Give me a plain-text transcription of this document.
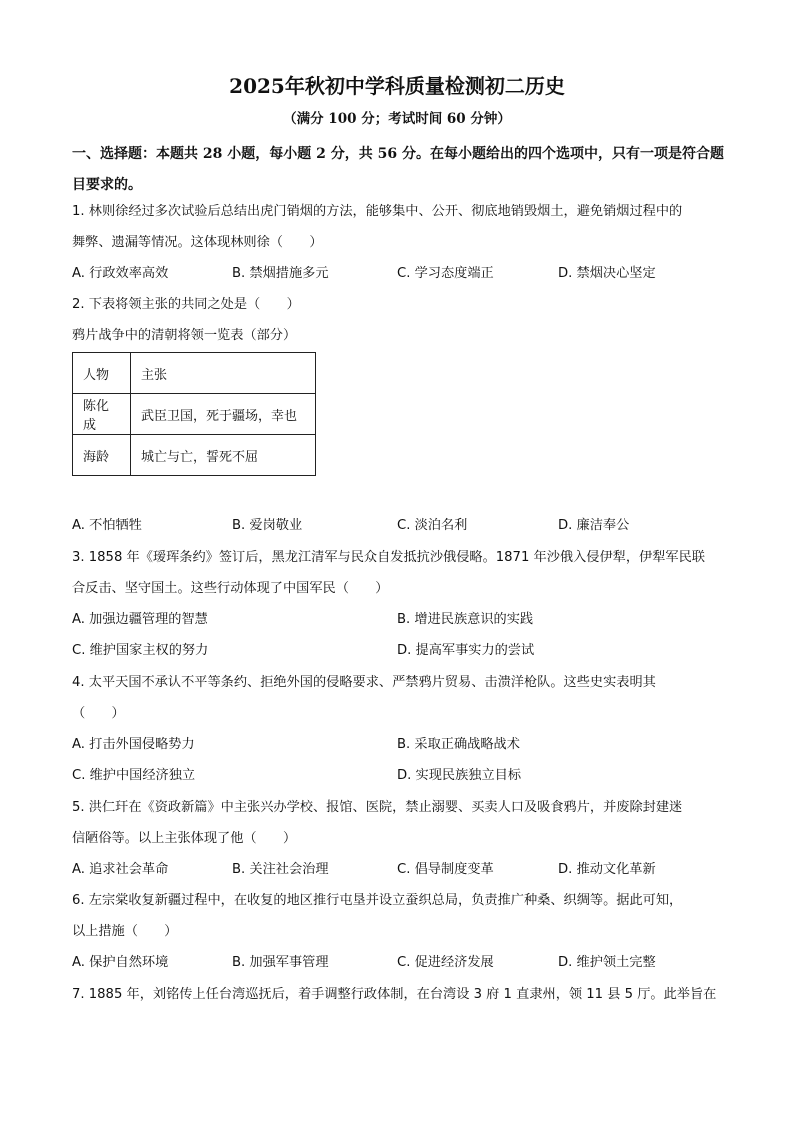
2025年秋初中学科质量检测初二历史
（满分 100 分；考试时间 60 分钟）
一、选择题：本题共 28 小题，每小题 2 分，共 56 分。在每小题给出的四个选项中，只有一项是符合题目要求的。
1. 林则徐经过多次试验后总结出虎门销烟的方法，能够集中、公开、彻底地销毁烟土，避免销烟过程中的
舞弊、遗漏等情况。这体现林则徐（　　）
A. 行政效率高效	B. 禁烟措施多元	C. 学习态度端正	D. 禁烟决心坚定
2. 下表将领主张的共同之处是（　　）
鸦片战争中的清朝将领一览表（部分）
人物	主张
陈化成	武臣卫国，死于疆场，幸也
海龄	城亡与亡，誓死不屈
A. 不怕牺牲	B. 爱岗敬业	C. 淡泊名利	D. 廉洁奉公
3. 1858 年《瑷珲条约》签订后，黑龙江清军与民众自发抵抗沙俄侵略。1871 年沙俄入侵伊犁，伊犁军民联
合反击、坚守国土。这些行动体现了中国军民（　　）
A. 加强边疆管理的智慧	B. 增进民族意识的实践
C. 维护国家主权的努力	D. 提高军事实力的尝试
4. 太平天国不承认不平等条约、拒绝外国的侵略要求、严禁鸦片贸易、击溃洋枪队。这些史实表明其
（　　）
A. 打击外国侵略势力	B. 采取正确战略战术
C. 维护中国经济独立	D. 实现民族独立目标
5. 洪仁玕在《资政新篇》中主张兴办学校、报馆、医院，禁止溺婴、买卖人口及吸食鸦片，并废除封建迷
信陋俗等。以上主张体现了他（　　）
A. 追求社会革命	B. 关注社会治理	C. 倡导制度变革	D. 推动文化革新
6. 左宗棠收复新疆过程中，在收复的地区推行屯垦并设立蚕织总局，负责推广种桑、织绸等。据此可知，
以上措施（　　）
A. 保护自然环境	B. 加强军事管理	C. 促进经济发展	D. 维护领土完整
7. 1885 年，刘铭传上任台湾巡抚后，着手调整行政体制，在台湾设 3 府 1 直隶州，领 11 县 5 厅。此举旨在
